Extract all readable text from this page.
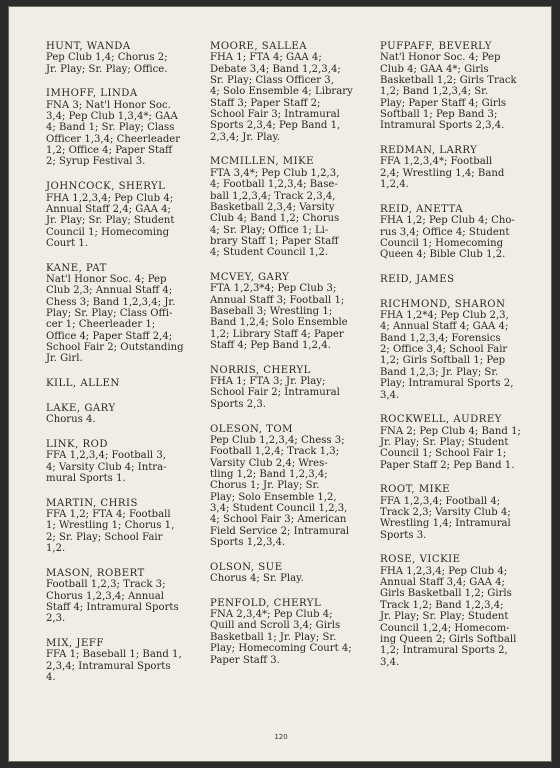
HUNT, WANDA
Pep Club 1,4; Chorus 2;
Jr. Play; Sr. Play; Office.
IMHOFF, LINDA
FNA 3; Nat'l Honor Soc.
3,4; Pep Club 1,3,4*; GAA
4; Band 1; Sr. Play; Class
Officer 1,3,4; Cheerleader
1,2; Office 4; Paper Staff
2; Syrup Festival 3.
JOHNCOCK, SHERYL
FHA 1,2,3,4; Pep Club 4;
Annual Staff 2,4; GAA 4;
Jr. Play; Sr. Play; Student
Council 1; Homecoming
Court 1.
KANE, PAT
Nat'l Honor Soc. 4; Pep
Club 2,3; Annual Staff 4;
Chess 3; Band 1,2,3,4; Jr.
Play; Sr. Play; Class Offi-
cer 1; Cheerleader 1;
Office 4; Paper Staff 2,4;
School Fair 2; Outstanding
Jr. Girl.
KILL, ALLEN
LAKE, GARY
Chorus 4.
LINK, ROD
FFA 1,2,3,4; Football 3,
4; Varsity Club 4; Intra-
mural Sports 1.
MARTIN, CHRIS
FFA 1,2; FTA 4; Football
1; Wrestling 1; Chorus 1,
2; Sr. Play; School Fair
1,2.
MASON, ROBERT
Football 1,2,3; Track 3;
Chorus 1,2,3,4; Annual
Staff 4; Intramural Sports
2,3.
MIX, JEFF
FFA 1; Baseball 1; Band 1,
2,3,4; Intramural Sports
4.
MOORE, SALLEA
FHA 1; FTA 4; GAA 4;
Debate 3,4; Band 1,2,3,4;
Sr. Play; Class Officer 3,
4; Solo Ensemble 4; Library
Staff 3; Paper Staff 2;
School Fair 3; Intramural
Sports 2,3,4; Pep Band 1,
2,3,4; Jr. Play.
MCMILLEN, MIKE
FTA 3,4*; Pep Club 1,2,3,
4; Football 1,2,3,4; Base-
ball 1,2,3,4; Track 2,3,4,
Basketball 2,3,4; Varsity
Club 4; Band 1,2; Chorus
4; Sr. Play; Office 1; Li-
brary Staff 1; Paper Staff
4; Student Council 1,2.
MCVEY, GARY
FTA 1,2,3*4; Pep Club 3;
Annual Staff 3; Football 1;
Baseball 3; Wrestling 1;
Band 1,2,4; Solo Ensemble
1,2; Library Staff 4; Paper
Staff 4; Pep Band 1,2,4.
NORRIS, CHERYL
FHA 1; FTA 3; Jr. Play;
School Fair 2; Intramural
Sports 2,3.
OLESON, TOM
Pep Club 1,2,3,4; Chess 3;
Football 1,2,4; Track 1,3;
Varsity Club 2,4; Wres-
tling 1,2; Band 1,2,3,4;
Chorus 1; Jr. Play; Sr.
Play; Solo Ensemble 1,2,
3,4; Student Council 1,2,3,
4; School Fair 3; American
Field Service 2; Intramural
Sports 1,2,3,4.
OLSON, SUE
Chorus 4; Sr. Play.
PENFOLD, CHERYL
FNA 2,3,4*; Pep Club 4;
Quill and Scroll 3,4; Girls
Basketball 1; Jr. Play; Sr.
Play; Homecoming Court 4;
Paper Staff 3.
PUFPAFF, BEVERLY
Nat'l Honor Soc. 4; Pep
Club 4; GAA 4*; Girls
Basketball 1,2; Girls Track
1,2; Band 1,2,3,4; Sr.
Play; Paper Staff 4; Girls
Softball 1; Pep Band 3;
Intramural Sports 2,3,4.
REDMAN, LARRY
FFA 1,2,3,4*; Football
2,4; Wrestling 1,4; Band
1,2,4.
REID, ANETTA
FHA 1,2; Pep Club 4; Cho-
rus 3,4; Office 4; Student
Council 1; Homecoming
Queen 4; Bible Club 1,2.
REID, JAMES
RICHMOND, SHARON
FHA 1,2*4; Pep Club 2,3,
4; Annual Staff 4; GAA 4;
Band 1,2,3,4; Forensics
2; Office 3,4; School Fair
1,2; Girls Softball 1; Pep
Band 1,2,3; Jr. Play; Sr.
Play; Intramural Sports 2,
3,4.
ROCKWELL, AUDREY
FNA 2; Pep Club 4; Band 1;
Jr. Play; Sr. Play; Student
Council 1; School Fair 1;
Paper Staff 2; Pep Band 1.
ROOT, MIKE
FFA 1,2,3,4; Football 4;
Track 2,3; Varsity Club 4;
Wrestling 1,4; Intramural
Sports 3.
ROSE, VICKIE
FHA 1,2,3,4; Pep Club 4;
Annual Staff 3,4; GAA 4;
Girls Basketball 1,2; Girls
Track 1,2; Band 1,2,3,4;
Jr. Play; Sr. Play; Student
Council 1,2,4; Homecom-
ing Queen 2; Girls Softball
1,2; Intramural Sports 2,
3,4.
120
